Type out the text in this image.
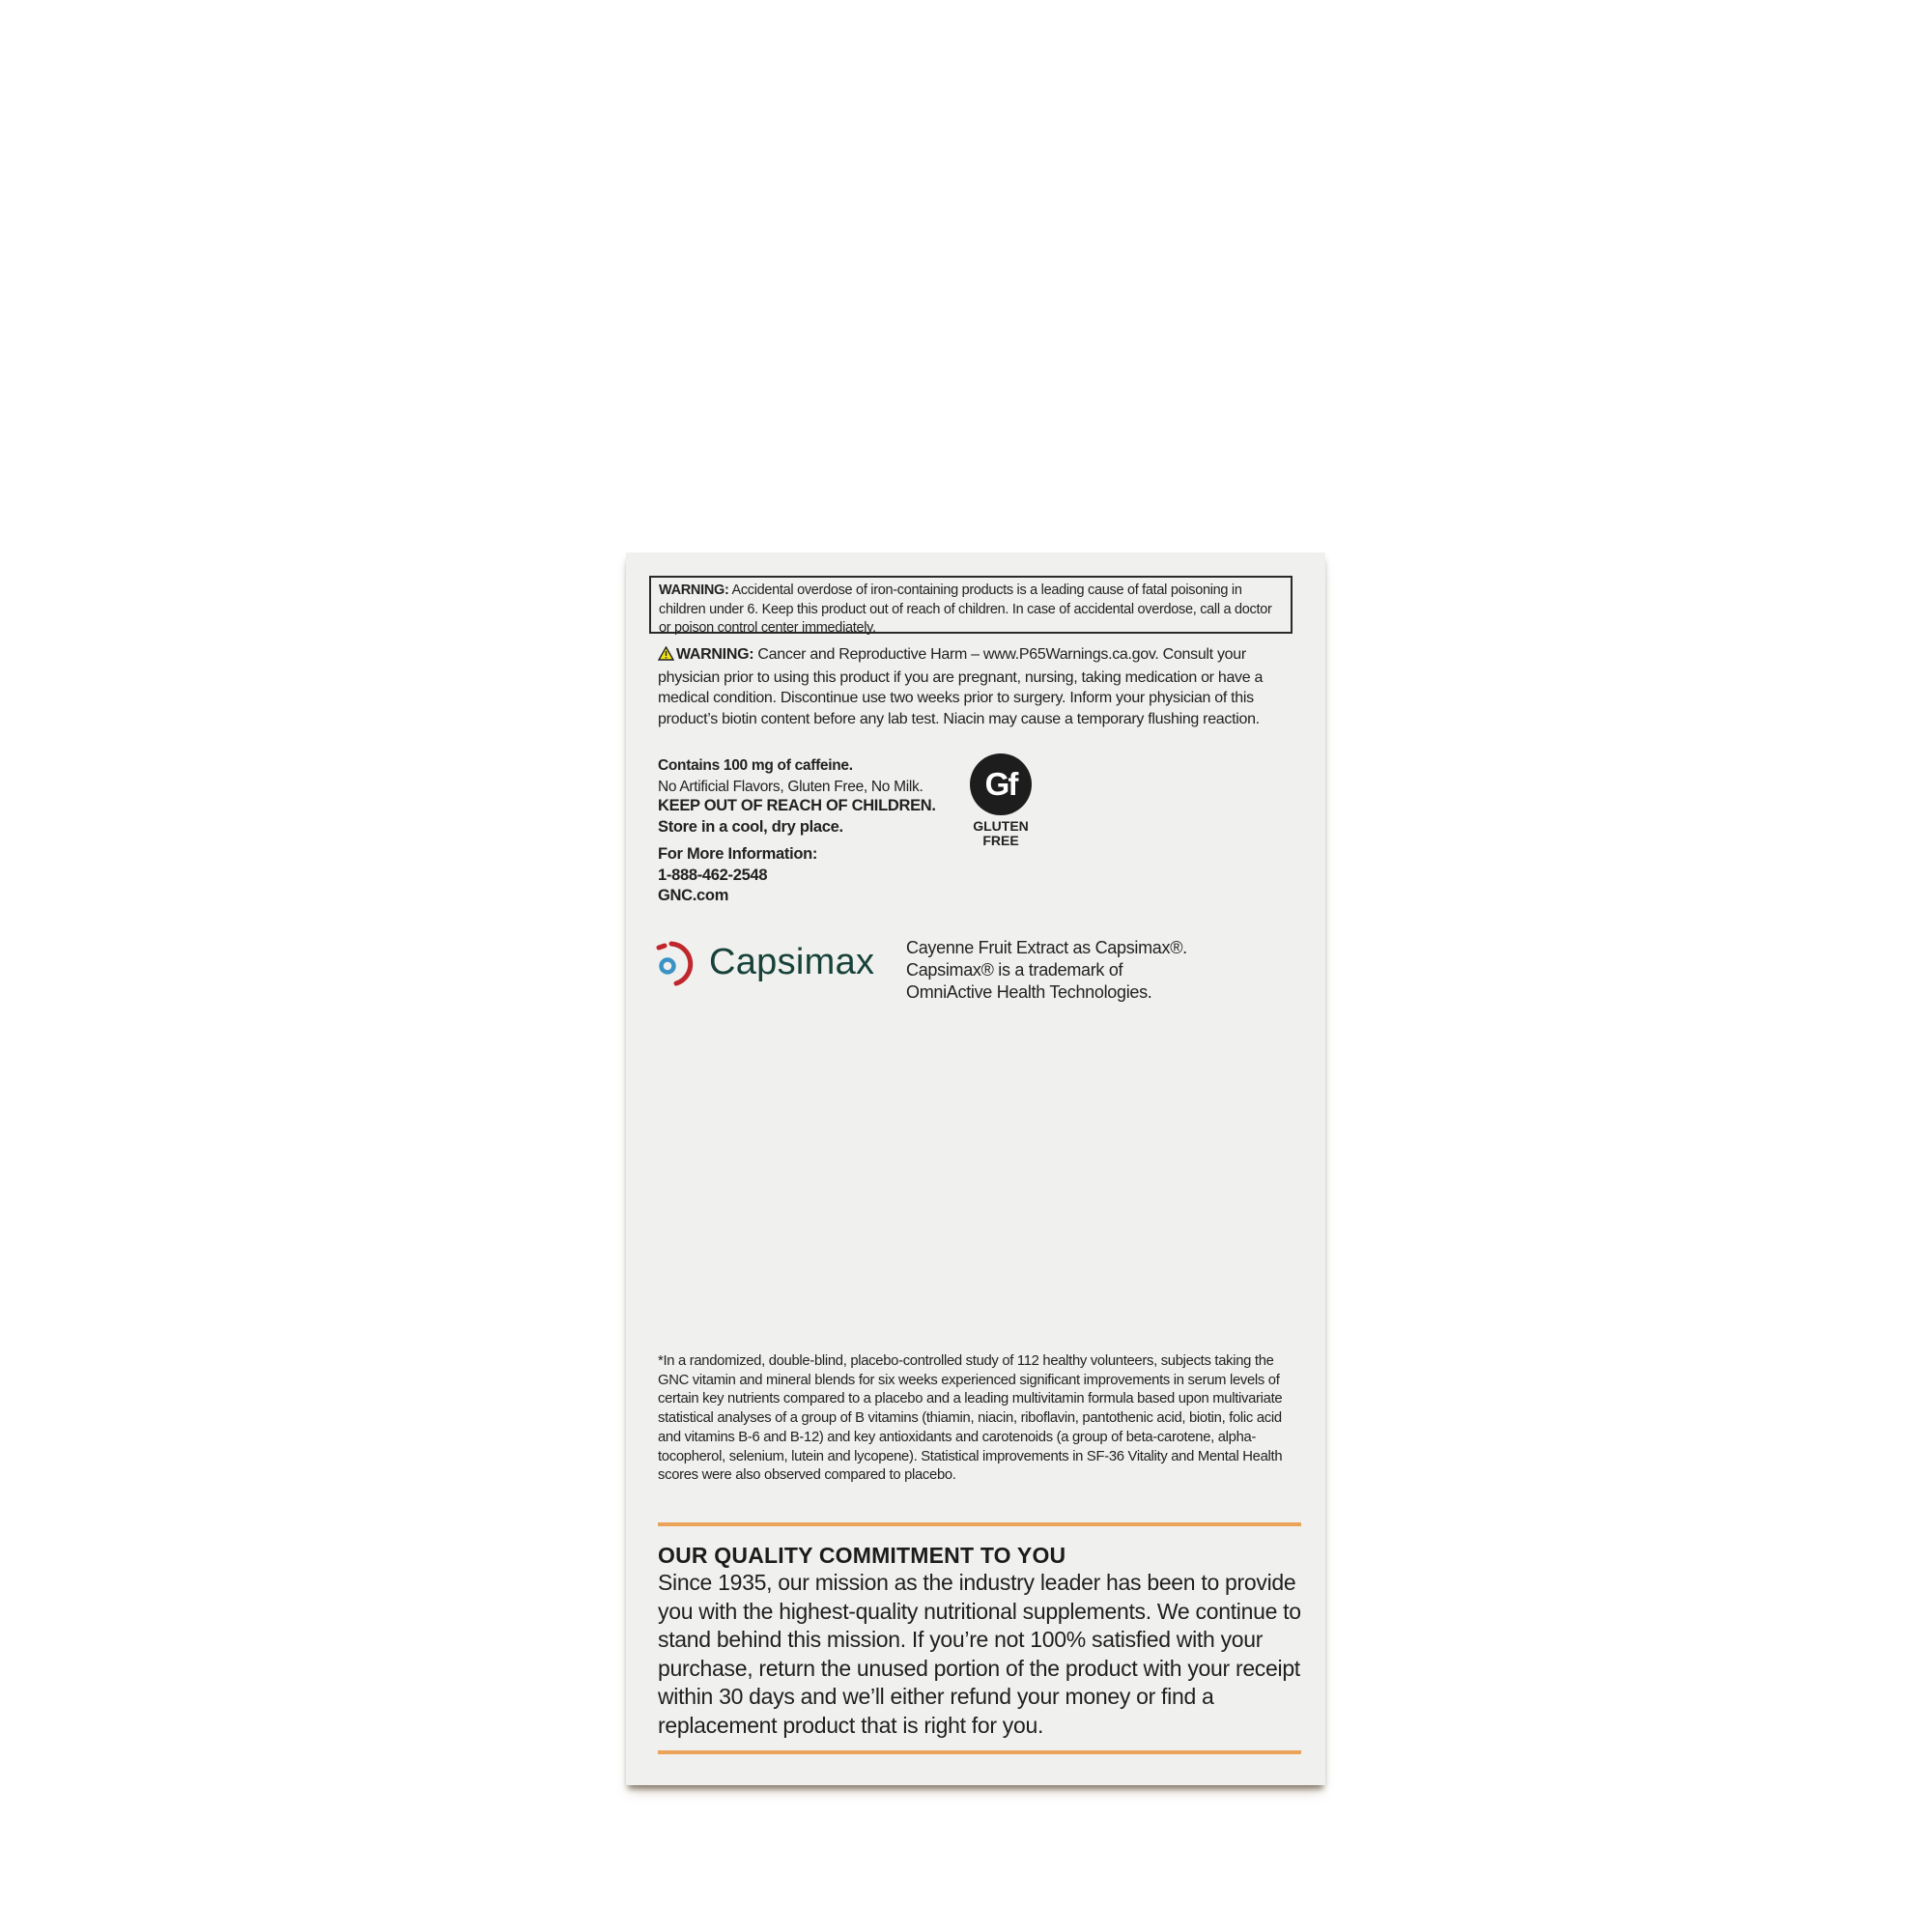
WARNING: Accidental overdose of iron-containing products is a leading cause of fatal poisoning in children under 6. Keep this product out of reach of children. In case of accidental overdose, call a doctor or poison control center immediately.
WARNING: Cancer and Reproductive Harm – www.P65Warnings.ca.gov. Consult your physician prior to using this product if you are pregnant, nursing, taking medication or have a medical condition. Discontinue use two weeks prior to surgery. Inform your physician of this product’s biotin content before any lab test. Niacin may cause a temporary flushing reaction.
Contains 100 mg of caffeine.
No Artificial Flavors, Gluten Free, No Milk.
KEEP OUT OF REACH OF CHILDREN.
Store in a cool, dry place.
For More Information:
1-888-462-2548
GNC.com
Gf
GLUTEN
FREE
Capsimax Cayenne Fruit Extract as Capsimax®.
Capsimax® is a trademark of
OmniActive Health Technologies.
*In a randomized, double-blind, placebo-controlled study of 112 healthy volunteers, subjects taking the GNC vitamin and mineral blends for six weeks experienced significant improvements in serum levels of certain key nutrients compared to a placebo and a leading multivitamin formula based upon multivariate statistical analyses of a group of B vitamins (thiamin, niacin, riboflavin, pantothenic acid, biotin, folic acid and vitamins B-6 and B-12) and key antioxidants and carotenoids (a group of beta-carotene, alpha-tocopherol, selenium, lutein and lycopene). Statistical improvements in SF-36 Vitality and Mental Health scores were also observed compared to placebo.
OUR QUALITY COMMITMENT TO YOU
Since 1935, our mission as the industry leader has been to provide you with the highest-quality nutritional supplements. We continue to stand behind this mission. If you’re not 100% satisfied with your purchase, return the unused portion of the product with your receipt within 30 days and we’ll either refund your money or find a replacement product that is right for you.
